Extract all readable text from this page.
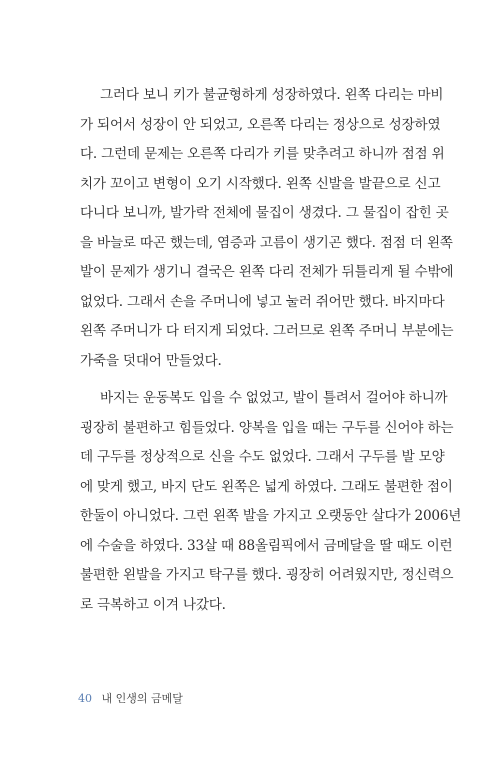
그러다 보니 키가 불균형하게 성장하였다. 왼쪽 다리는 마비
가 되어서 성장이 안 되었고, 오른쪽 다리는 정상으로 성장하였
다. 그런데 문제는 오른쪽 다리가 키를 맞추려고 하니까 점점 위
치가 꼬이고 변형이 오기 시작했다. 왼쪽 신발을 발끝으로 신고
다니다 보니까, 발가락 전체에 물집이 생겼다. 그 물집이 잡힌 곳
을 바늘로 따곤 했는데, 염증과 고름이 생기곤 했다. 점점 더 왼쪽
발이 문제가 생기니 결국은 왼쪽 다리 전체가 뒤틀리게 될 수밖에
없었다. 그래서 손을 주머니에 넣고 눌러 쥐어만 했다. 바지마다
왼쪽 주머니가 다 터지게 되었다. 그러므로 왼쪽 주머니 부분에는
가죽을 덧대어 만들었다.

바지는 운동복도 입을 수 없었고, 발이 틀려서 걸어야 하니까
굉장히 불편하고 힘들었다. 양복을 입을 때는 구두를 신어야 하는
데 구두를 정상적으로 신을 수도 없었다. 그래서 구두를 발 모양
에 맞게 했고, 바지 단도 왼쪽은 넓게 하였다. 그래도 불편한 점이
한둘이 아니었다. 그런 왼쪽 발을 가지고 오랫동안 살다가 2006년
에 수술을 하였다. 33살 때 88올림픽에서 금메달을 딸 때도 이런
불편한 왼발을 가지고 탁구를 했다. 굉장히 어려웠지만, 정신력으
로 극복하고 이겨 나갔다.

40 내 인생의 금메달
